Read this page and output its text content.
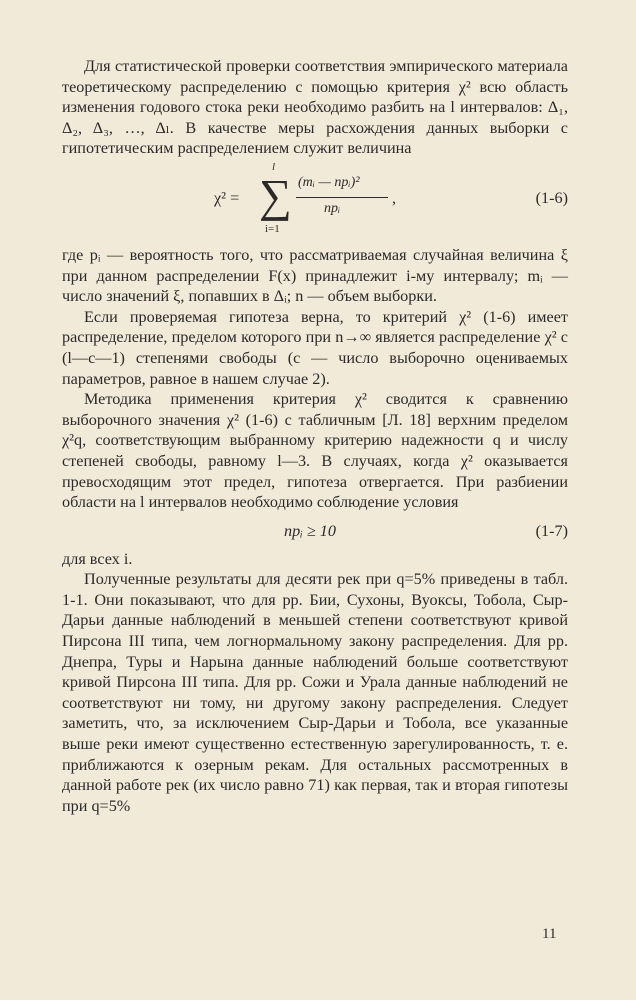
Для статистической проверки соответствия эмпирического материала теоретическому распределению с помощью критерия χ² всю область изменения годового стока реки необходимо разбить на l интервалов: Δ₁, Δ₂, Δ₃, …, Δₗ. В качестве меры расхождения данных выборки с гипотетическим распределением служит величина

χ² =
l
∑
i=1
(mᵢ — npᵢ)²
npᵢ
,	(1-6)

где pᵢ — вероятность того, что рассматриваемая случайная величина ξ при данном распределении F(x) принадлежит i-му интервалу; mᵢ — число значений ξ, попавших в Δᵢ; n — объем выборки.

Если проверяемая гипотеза верна, то критерий χ² (1-6) имеет распределение, пределом которого при n→∞ является распределение χ² с (l—c—1) степенями свободы (c — число выборочно оцениваемых параметров, равное в нашем случае 2).

Методика применения критерия χ² сводится к сравнению выборочного значения χ² (1-6) с табличным [Л. 18] верхним пределом χ²q, соответствующим выбранному критерию надежности q и числу степеней свободы, равному l—3. В случаях, когда χ² оказывается превосходящим этот предел, гипотеза отвергается. При разбиении области на l интервалов необходимо соблюдение условия

npᵢ ≥ 10	(1-7)

для всех i.

Полученные результаты для десяти рек при q=5% приведены в табл. 1-1. Они показывают, что для рр. Бии, Сухоны, Вуоксы, Тобола, Сыр-Дарьи данные наблюдений в меньшей степени соответствуют кривой Пирсона III типа, чем логнормальному закону распределения. Для рр. Днепра, Туры и Нарына данные наблюдений больше соответствуют кривой Пирсона III типа. Для рр. Сожи и Урала данные наблюдений не соответствуют ни тому, ни другому закону распределения. Следует заметить, что, за исключением Сыр-Дарьи и Тобола, все указанные выше реки имеют существенно естественную зарегулированность, т. е. приближаются к озерным рекам. Для остальных рассмотренных в данной работе рек (их число равно 71) как первая, так и вторая гипотезы при q=5%

11
